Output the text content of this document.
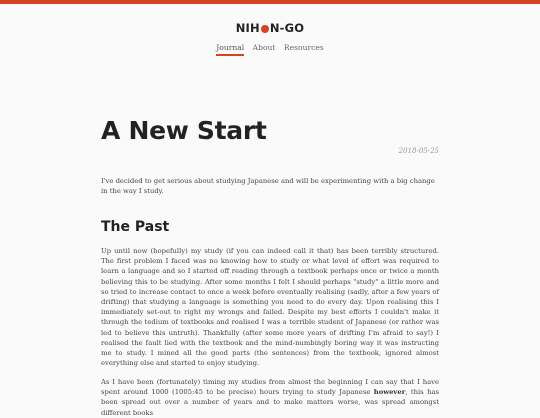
NIH N-GO
Journal About Resources
A New Start
2018-05-25

I've decided to get serious about studying Japanese and will be experimenting with a big change in the way I study.

The Past

Up until now (hopefully) my study (if you can indeed call it that) has been terribly structured. The first problem I faced was no knowing how to study or what level of effort was required to learn a language and so I started off reading through a textbook perhaps once or twice a month believing this to be studying. After some months I felt I should perhaps "study" a little more and so tried to increase contact to once a week before eventually realising (sadly, after a few years of drifting) that studying a language is something you need to do every day. Upon realising this I immediately set-out to right my wrongs and failed. Despite my best efforts I couldn't make it through the tedium of textbooks and realised I was a terrible student of Japanese (or rather was led to believe this untruth). Thankfully (after some more years of drifting I'm afraid to say!) I realised the fault lied with the textbook and the mind-numbingly boring way it was instructing me to study. I mined all the good parts (the sentences) from the textbook, ignored almost everything else and started to enjoy studying.

As I have been (fortunately) timing my studies from almost the beginning I can say that I have spent around 1000 (1005:45 to be precise) hours trying to study Japanese however, this has been spread out over a number of years and to make matters worse, was spread amongst different books
